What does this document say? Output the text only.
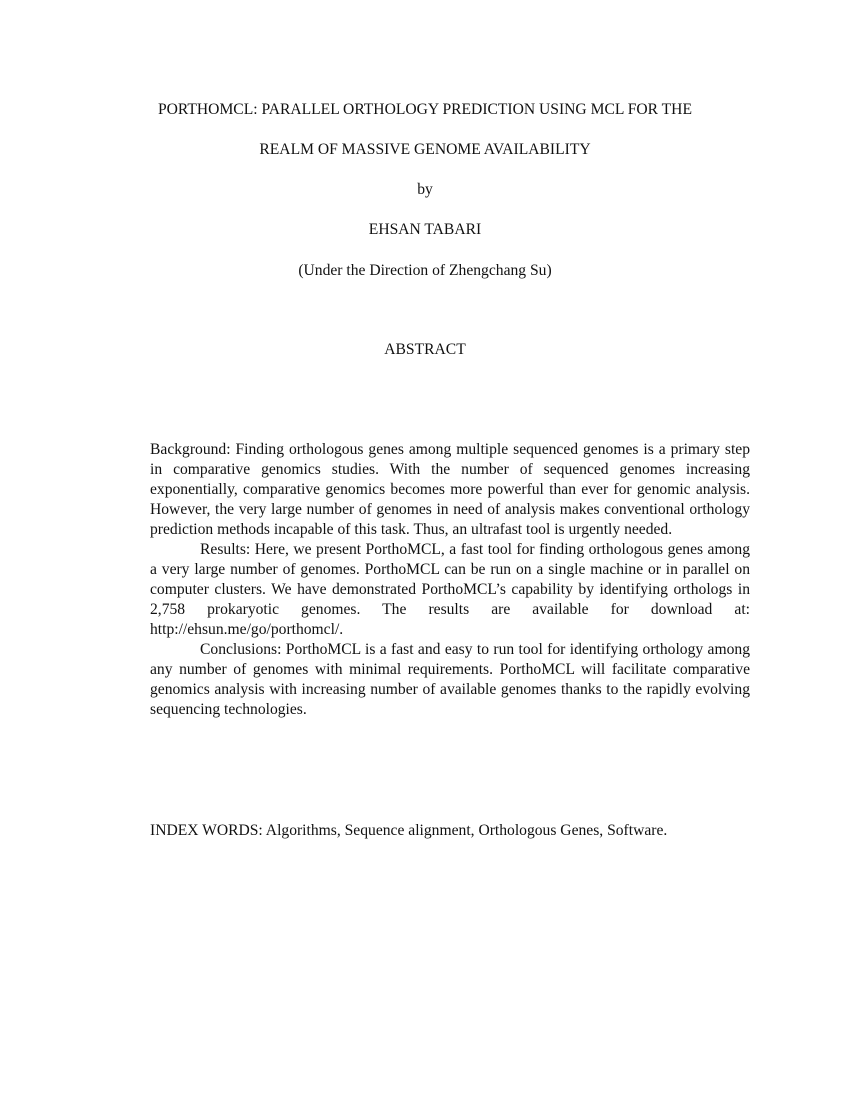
PORTHOMCL: PARALLEL ORTHOLOGY PREDICTION USING MCL FOR THE
REALM OF MASSIVE GENOME AVAILABILITY
by
EHSAN TABARI
(Under the Direction of Zhengchang Su)
ABSTRACT

Background: Finding orthologous genes among multiple sequenced genomes is a primary step in comparative genomics studies. With the number of sequenced genomes increasing exponentially, comparative genomics becomes more powerful than ever for genomic analysis. However, the very large number of genomes in need of analysis makes conventional orthology prediction methods incapable of this task. Thus, an ultrafast tool is urgently needed.

Results: Here, we present PorthoMCL, a fast tool for finding orthologous genes among a very large number of genomes. PorthoMCL can be run on a single machine or in parallel on computer clusters. We have demonstrated PorthoMCL’s capability by identifying orthologs in 2,758 prokaryotic genomes. The results are available for download at: http://ehsun.me/go/porthomcl/.

Conclusions: PorthoMCL is a fast and easy to run tool for identifying orthology among any number of genomes with minimal requirements. PorthoMCL will facilitate comparative genomics analysis with increasing number of available genomes thanks to the rapidly evolving sequencing technologies.

INDEX WORDS: Algorithms, Sequence alignment, Orthologous Genes, Software.
